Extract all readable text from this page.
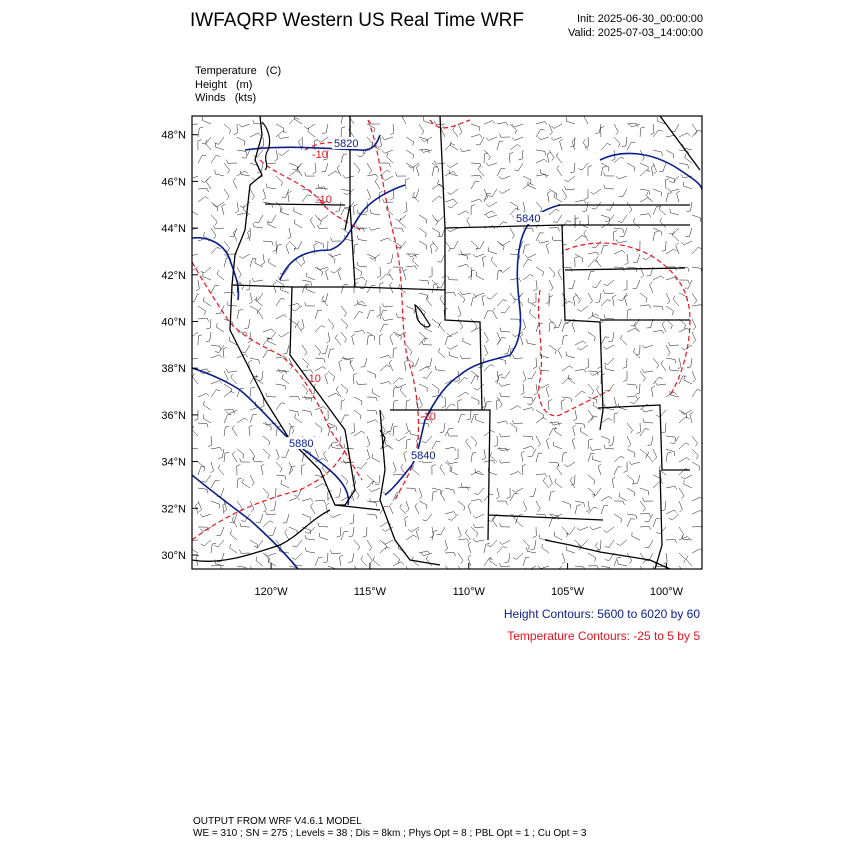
IWFAQRP Western US Real Time WRF	Init: 2025-06-30_00:00:00
Valid: 2025-07-03_14:00:00
Temperature   (C)
Height   (m)
Winds   (kts)
48°N
46°N
44°N
42°N
40°N
38°N
36°N
34°N
32°N
30°N
120°W	115°W	110°W	105°W	100°W
5820
5880
5840
5840
-10
-10
-10
-10
Height Contours: 5600 to 6020 by 60
Temperature Contours: -25 to 5 by 5
OUTPUT FROM WRF V4.6.1 MODEL
WE = 310 ; SN = 275 ; Levels = 38 ; Dis = 8km ; Phys Opt = 8 ; PBL Opt = 1 ; Cu Opt = 3
